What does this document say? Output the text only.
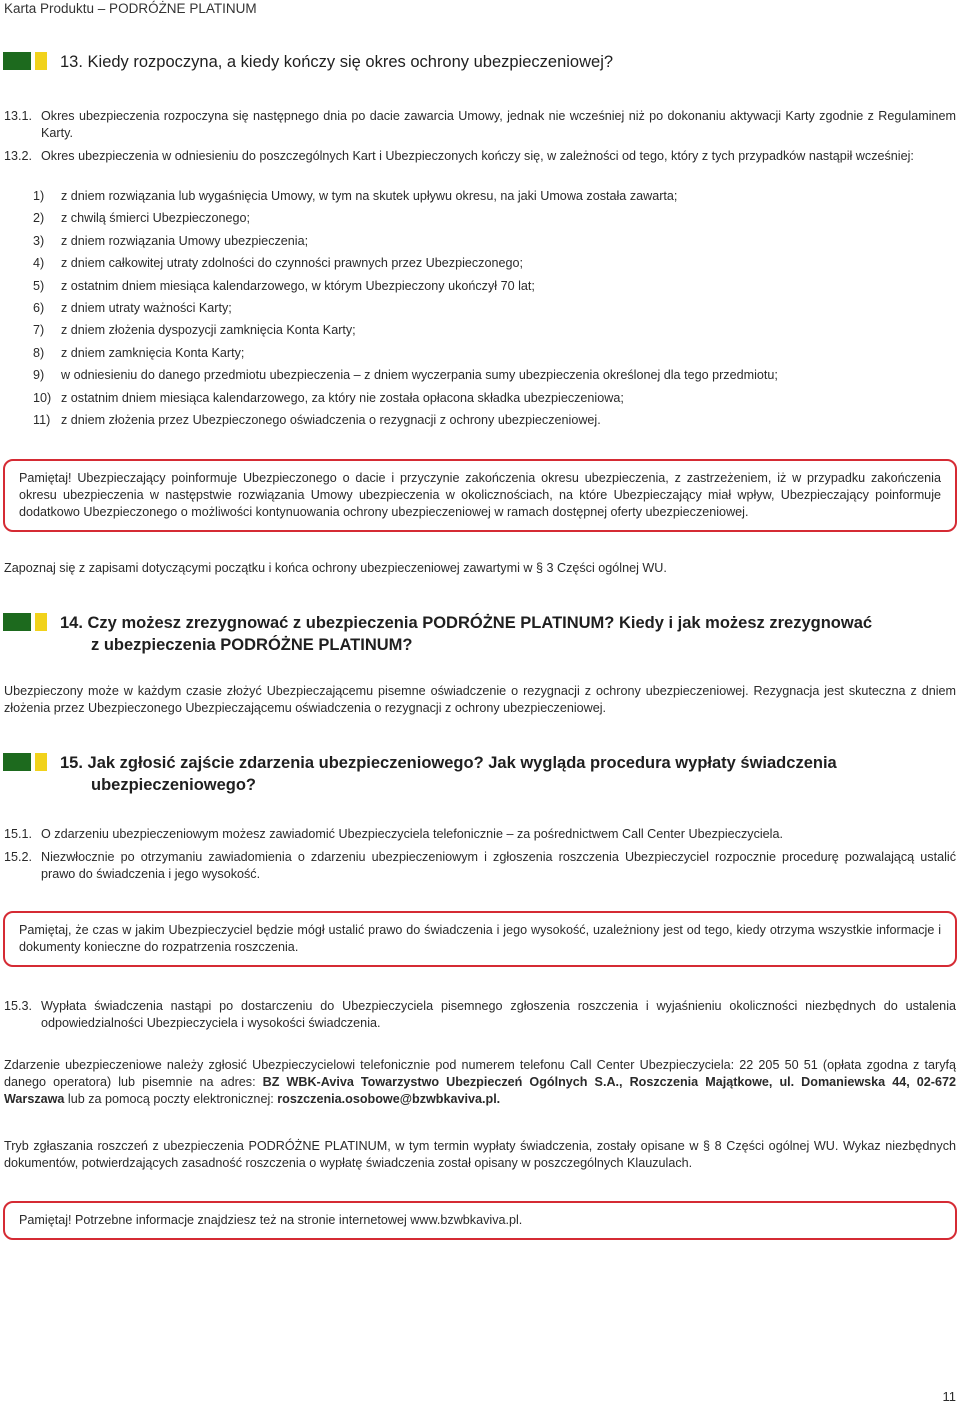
Karta Produktu – PODRÓŻNE PLATINUM
13. Kiedy rozpoczyna, a kiedy kończy się okres ochrony ubezpieczeniowej?
13.1. Okres ubezpieczenia rozpoczyna się następnego dnia po dacie zawarcia Umowy, jednak nie wcześniej niż po dokonaniu aktywacji Karty zgodnie z Regulaminem Karty.
13.2. Okres ubezpieczenia w odniesieniu do poszczególnych Kart i Ubezpieczonych kończy się, w zależności od tego, który z tych przypadków nastąpił wcześniej:
1)	z dniem rozwiązania lub wygaśnięcia Umowy, w tym na skutek upływu okresu, na jaki Umowa została zawarta;
2)	z chwilą śmierci Ubezpieczonego;
3)	z dniem rozwiązania Umowy ubezpieczenia;
4)	z dniem całkowitej utraty zdolności do czynności prawnych przez Ubezpieczonego;
5)	z ostatnim dniem miesiąca kalendarzowego, w którym Ubezpieczony ukończył 70 lat;
6)	z dniem utraty ważności Karty;
7)	z dniem złożenia dyspozycji zamknięcia Konta Karty;
8)	z dniem zamknięcia Konta Karty;
9)	w odniesieniu do danego przedmiotu ubezpieczenia – z dniem wyczerpania sumy ubezpieczenia określonej dla tego przedmiotu;
10) z ostatnim dniem miesiąca kalendarzowego, za który nie została opłacona składka ubezpieczeniowa;
11) z dniem złożenia przez Ubezpieczonego oświadczenia o rezygnacji z ochrony ubezpieczeniowej.
Pamiętaj! Ubezpieczający poinformuje Ubezpieczonego o dacie i przyczynie zakończenia okresu ubezpieczenia, z zastrzeżeniem, iż w przypadku zakończenia okresu ubezpieczenia w następstwie rozwiązania Umowy ubezpieczenia w okolicznościach, na które Ubezpieczający miał wpływ, Ubezpieczający poinformuje dodatkowo Ubezpieczonego o możliwości kontynuowania ochrony ubezpieczeniowej w ramach dostępnej oferty ubezpieczeniowej.
Zapoznaj się z zapisami dotyczącymi początku i końca ochrony ubezpieczeniowej zawartymi w § 3 Części ogólnej WU.
14. Czy możesz zrezygnować z ubezpieczenia PODRÓŻNE PLATINUM? Kiedy i jak możesz zrezygnować
z ubezpieczenia PODRÓŻNE PLATINUM?
Ubezpieczony może w każdym czasie złożyć Ubezpieczającemu pisemne oświadczenie o rezygnacji z ochrony ubezpieczeniowej. Rezygnacja jest skuteczna z dniem złożenia przez Ubezpieczonego Ubezpieczającemu oświadczenia o rezygnacji z ochrony ubezpieczeniowej.
15. Jak zgłosić zajście zdarzenia ubezpieczeniowego? Jak wygląda procedura wypłaty świadczenia
ubezpieczeniowego?
15.1. O zdarzeniu ubezpieczeniowym możesz zawiadomić Ubezpieczyciela telefonicznie – za pośrednictwem Call Center Ubezpieczyciela.
15.2. Niezwłocznie po otrzymaniu zawiadomienia o zdarzeniu ubezpieczeniowym i zgłoszenia roszczenia Ubezpieczyciel rozpocznie procedurę pozwalającą ustalić prawo do świadczenia i jego wysokość.
Pamiętaj, że czas w jakim Ubezpieczyciel będzie mógł ustalić prawo do świadczenia i jego wysokość, uzależniony jest od tego, kiedy otrzyma wszystkie informacje i dokumenty konieczne do rozpatrzenia roszczenia.
15.3. Wypłata świadczenia nastąpi po dostarczeniu do Ubezpieczyciela pisemnego zgłoszenia roszczenia i wyjaśnieniu okoliczności niezbędnych do ustalenia odpowiedzialności Ubezpieczyciela i wysokości świadczenia.
Zdarzenie ubezpieczeniowe należy zgłosić Ubezpieczycielowi telefonicznie pod numerem telefonu Call Center Ubezpieczyciela: 22 205 50 51 (opłata zgodna z taryfą danego operatora) lub pisemnie na adres: BZ WBK-Aviva Towarzystwo Ubezpieczeń Ogólnych S.A., Roszczenia Majątkowe, ul. Domaniewska 44, 02-672 Warszawa lub za pomocą poczty elektronicznej: roszczenia.osobowe@bzwbkaviva.pl.
Tryb zgłaszania roszczeń z ubezpieczenia PODRÓŻNE PLATINUM, w tym termin wypłaty świadczenia, zostały opisane w § 8 Części ogólnej WU. Wykaz niezbędnych dokumentów, potwierdzających zasadność roszczenia o wypłatę świadczenia został opisany w poszczególnych Klauzulach.
Pamiętaj! Potrzebne informacje znajdziesz też na stronie internetowej www.bzwbkaviva.pl.
11
